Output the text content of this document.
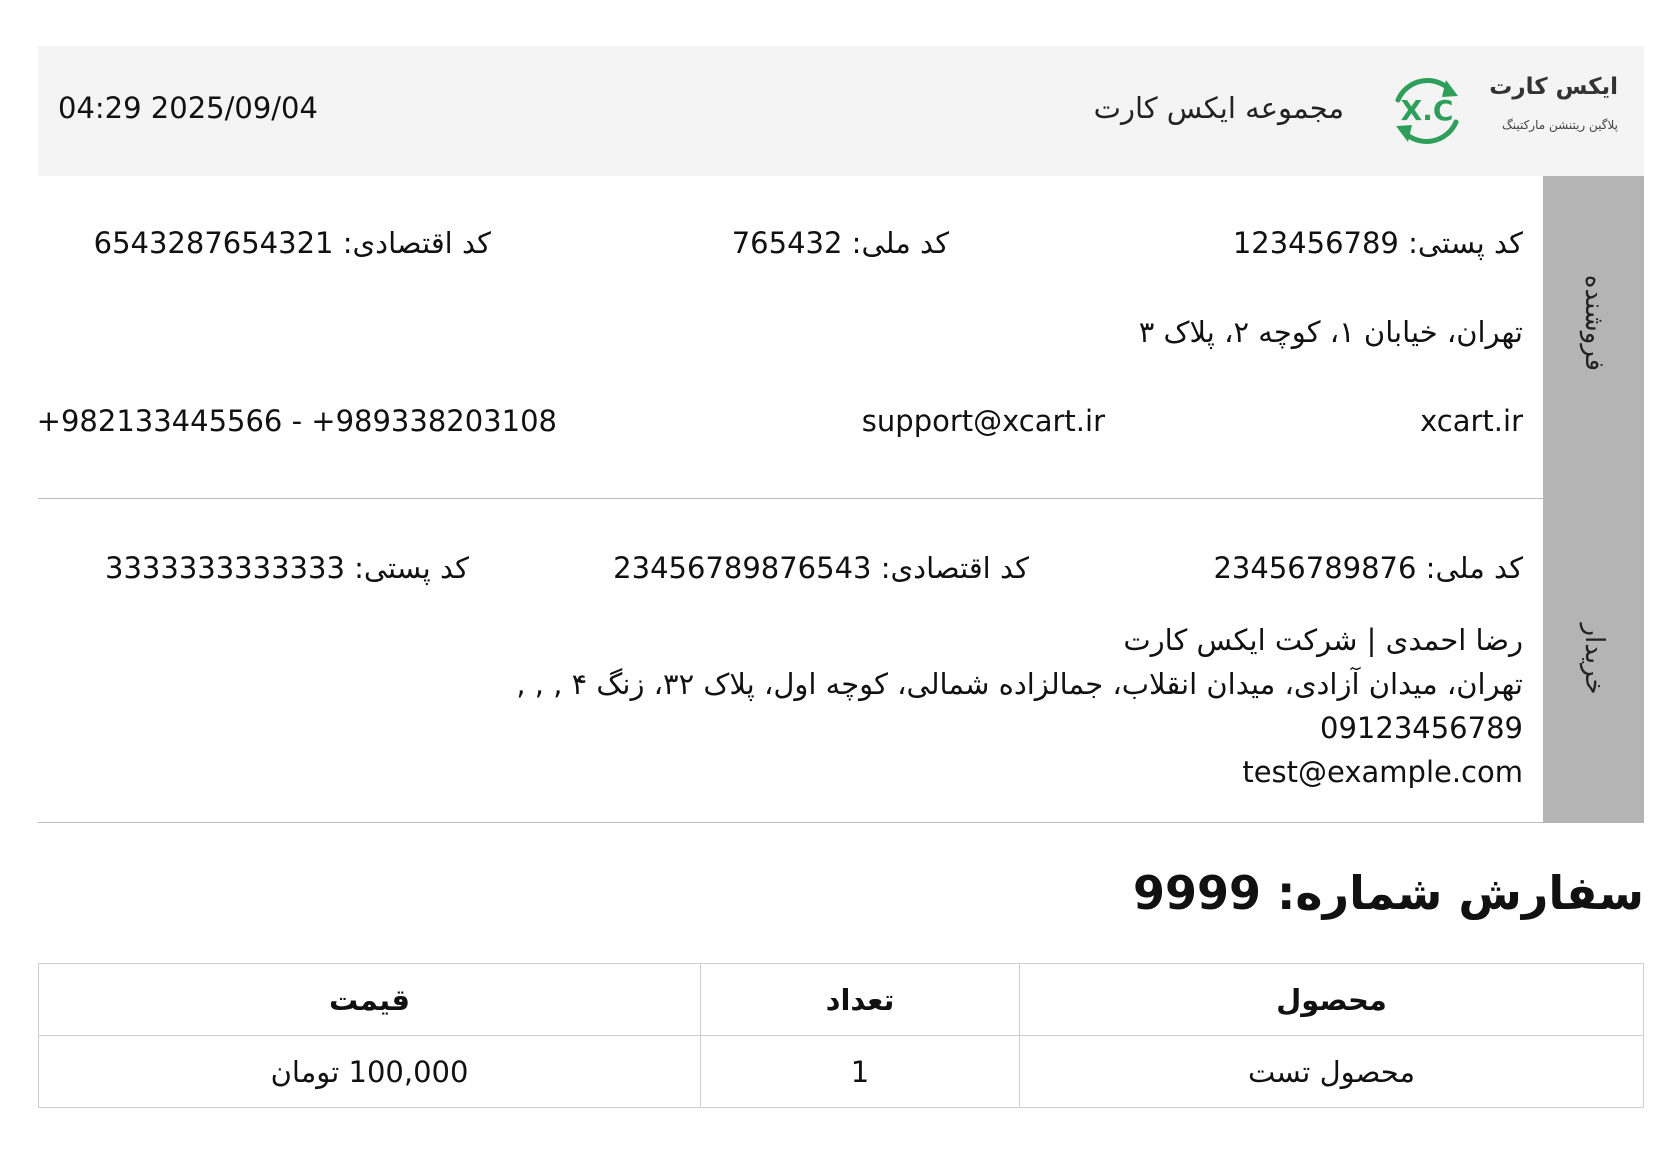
ایکس کارت
پلاگین ریتنشن مارکتینگ
X.C
مجموعه ایکس کارت
04:29 2025/09/04
فروشنده
کد پستی: 123456789
کد ملی: 765432
کد اقتصادی: 6543287654321
تهران، خیابان ۱، کوچه ۲، پلاک ۳
xcart.ir
support@xcart.ir
+982133445566 - +989338203108
خریدار
کد ملی: 23456789876
کد اقتصادی: 23456789876543
کد پستی: 3333333333333
رضا احمدی | شرکت ایکس کارت
تهران، میدان آزادی، میدان انقلاب، جمالزاده شمالی، کوچه اول، پلاک ۳۲، زنگ ۴ , , ,
09123456789
test@example.com
سفارش شماره: 9999
محصول	تعداد	قیمت
محصول تست	1	100,000 تومان
